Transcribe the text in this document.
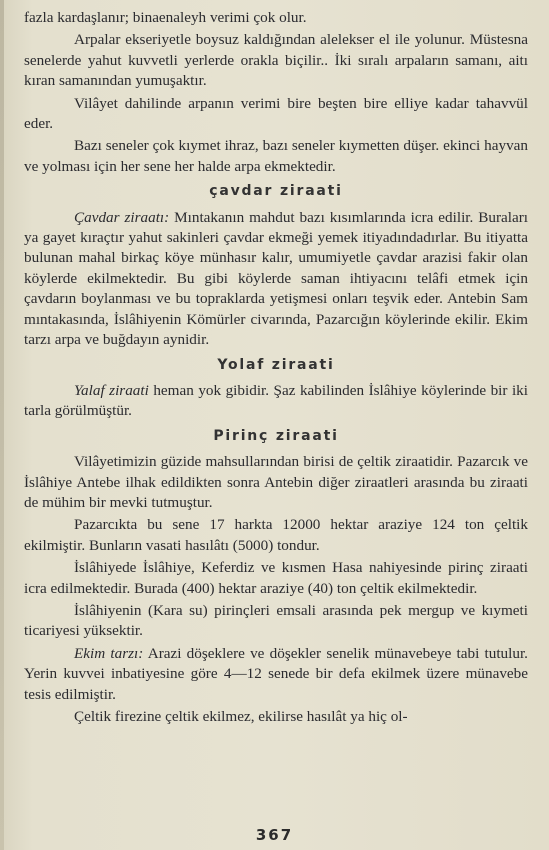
fazla kardaşlanır; binaenaleyh verimi çok olur.

Arpalar ekseriyetle boysuz kaldığından alelekser el ile yolunur. Müstesna senelerde yahut kuvvetli yerlerde orakla biçilir.. İki sıralı arpaların samanı, aitı kıran samanından yumuşaktır.

Vilâyet dahilinde arpanın verimi bire beşten bire elliye kadar tahavvül eder.

Bazı seneler çok kıymet ihraz, bazı seneler kıymetten düşer. ekinci hayvan ve yolması için her sene her halde arpa ekmektedir.

çavdar ziraati

Çavdar ziraatı: Mıntakanın mahdut bazı kısımlarında icra edilir. Buraları ya gayet kıraçtır yahut sakinleri çavdar ekmeği yemek itiyadındadırlar. Bu itiyatta bulunan mahal birkaç köye münhasır kalır, umumiyetle çavdar arazisi fakir olan köylerde ekilmektedir. Bu gibi köylerde saman ihtiyacını telâfi etmek için çavdarın boylanması ve bu topraklarda yetişmesi onları teşvik eder. Antebin Sam mıntakasında, İslâhiyenin Kömürler civarında, Pazarcığın köylerinde ekilir. Ekim tarzı arpa ve buğdayın aynidir.

Yolaf ziraati

Yalaf ziraati heman yok gibidir. Şaz kabilinden İslâhiye köylerinde bir iki tarla görülmüştür.

Pirinç ziraati

Vilâyetimizin güzide mahsullarından birisi de çeltik ziraatidir. Pazarcık ve İslâhiye Antebe ilhak edildikten sonra Antebin diğer ziraatleri arasında bu ziraati de mühim bir mevki tutmuştur.

Pazarcıkta bu sene 17 harkta 12000 hektar araziye 124 ton çeltik ekilmiştir. Bunların vasati hasılâtı (5000) tondur.

İslâhiyede İslâhiye, Keferdiz ve kısmen Hasa nahiyesinde pirinç ziraati icra edilmektedir. Burada (400) hektar araziye (40) ton çeltik ekilmektedir.

İslâhiyenin (Kara su) pirinçleri emsali arasında pek mergup ve kıymeti ticariyesi yüksektir.

Ekim tarzı: Arazi döşeklere ve döşekler senelik münavebeye tabi tutulur. Yerin kuvvei inbatiyesine göre 4—12 senede bir defa ekilmek üzere münavebe tesis edilmiştir.

Çeltik firezine çeltik ekilmez, ekilirse hasılât ya hiç ol-

367
